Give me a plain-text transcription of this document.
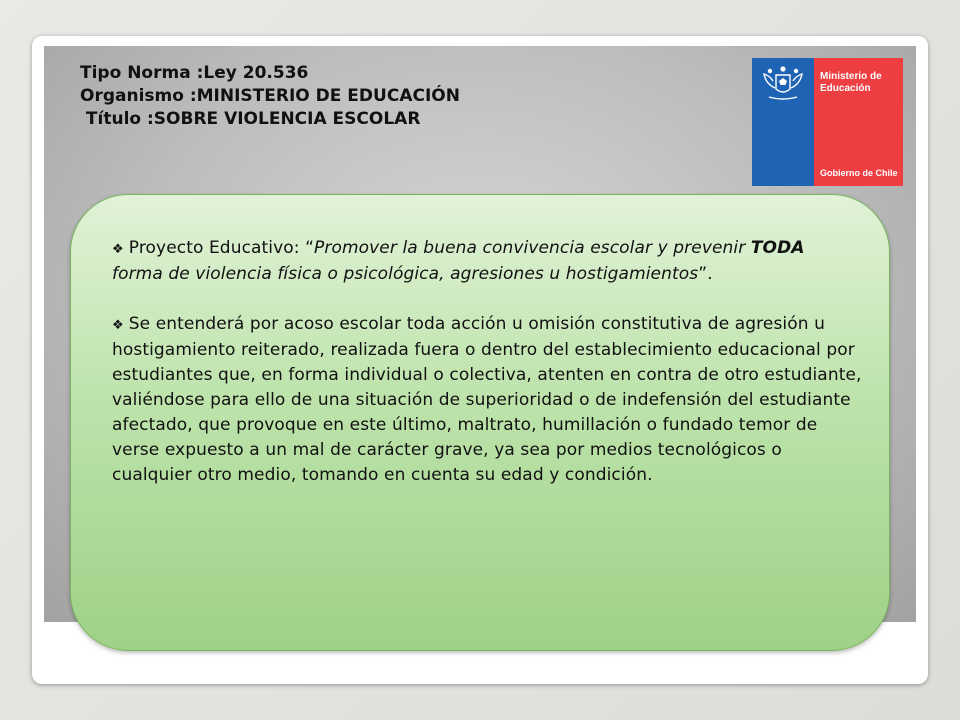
Tipo Norma :Ley 20.536
Organismo :MINISTERIO DE EDUCACIÓN
Título :SOBRE VIOLENCIA ESCOLAR
Ministerio de
Educación
Gobierno de Chile

❖ Proyecto Educativo: “Promover la buena convivencia escolar y prevenir TODA
forma de violencia física o psicológica, agresiones u hostigamientos”.

❖ Se entenderá por acoso escolar toda acción u omisión constitutiva de agresión u hostigamiento reiterado, realizada fuera o dentro del establecimiento educacional por estudiantes que, en forma individual o colectiva, atenten en contra de otro estudiante, valiéndose para ello de una situación de superioridad o de indefensión del estudiante afectado, que provoque en este último, maltrato, humillación o fundado temor de verse expuesto a un mal de carácter grave, ya sea por medios tecnológicos o cualquier otro medio, tomando en cuenta su edad y condición.
